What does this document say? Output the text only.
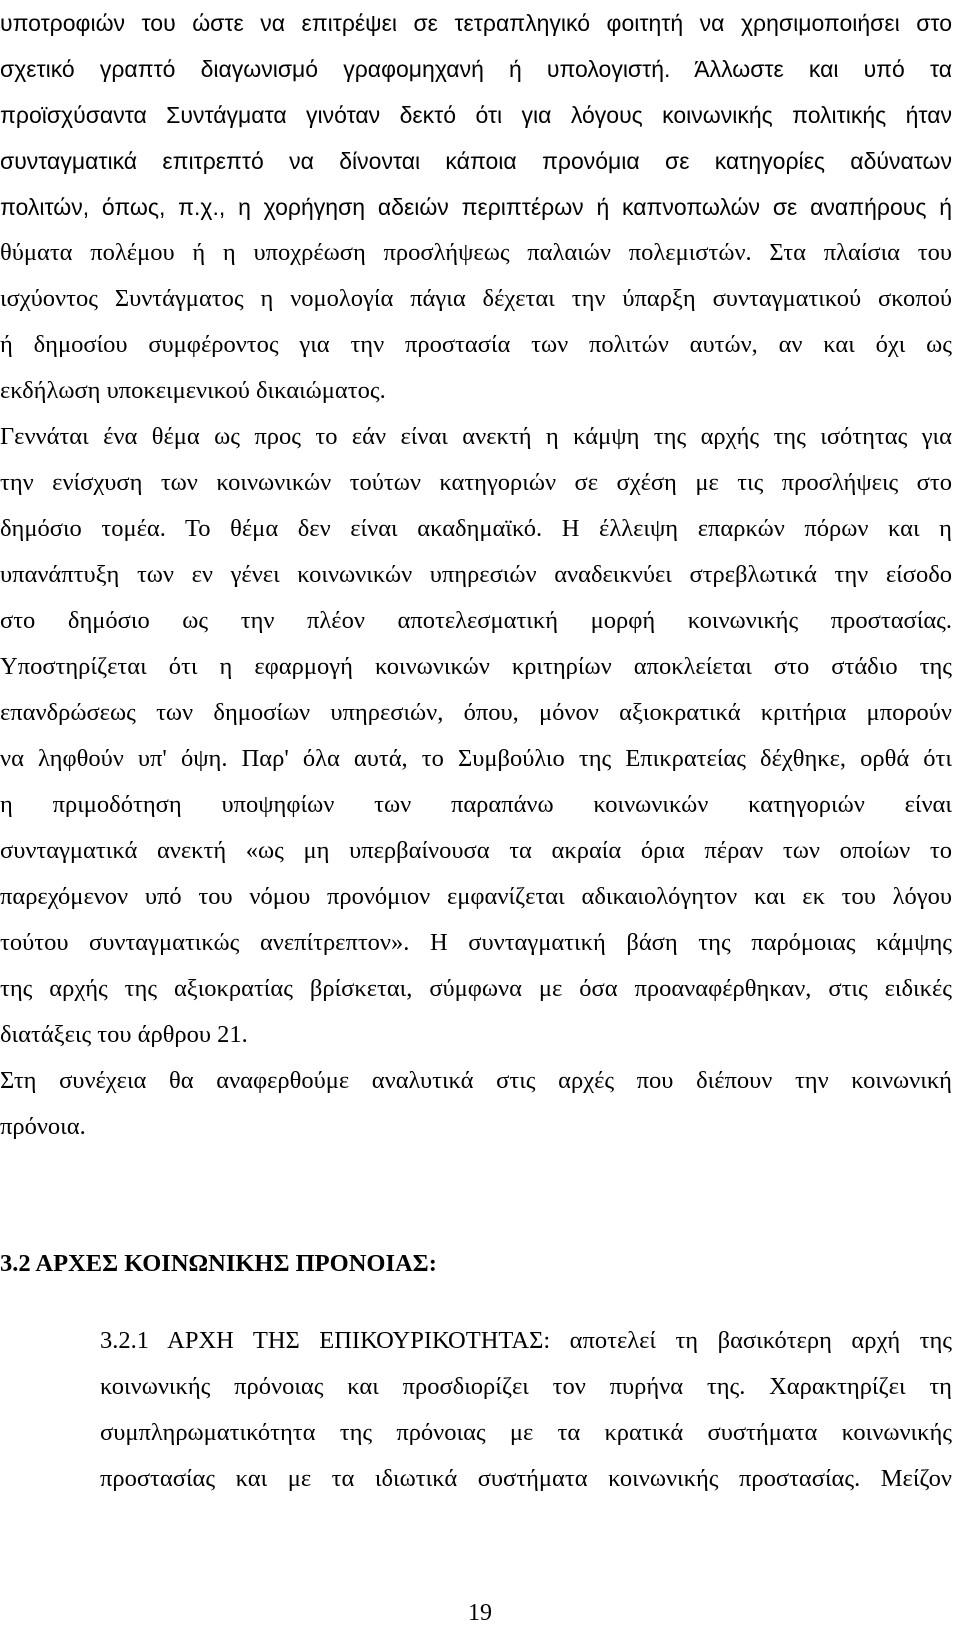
υποτροφιών του ώστε να επιτρέψει σε τετραπληγικό φοιτητή να χρησιμοποιήσει στο
σχετικό γραπτό διαγωνισμό γραφομηχανή ή υπολογιστή. Άλλωστε και υπό τα
προϊσχύσαντα Συντάγματα γινόταν δεκτό ότι για λόγους κοινωνικής πολιτικής ήταν
συνταγματικά επιτρεπτό να δίνονται κάποια προνόμια σε κατηγορίες αδύνατων
πολιτών, όπως, π.χ., η χορήγηση αδειών περιπτέρων ή καπνοπωλών σε αναπήρους ή
θύματα πολέμου ή η υποχρέωση προσλήψεως παλαιών πολεμιστών. Στα πλαίσια του
ισχύοντος Συντάγματος η νομολογία πάγια δέχεται την ύπαρξη συνταγματικού σκοπού
ή δημοσίου συμφέροντος για την προστασία των πολιτών αυτών, αν και όχι ως
εκδήλωση υποκειμενικού δικαιώματος.
Γεννάται ένα θέμα ως προς το εάν είναι ανεκτή η κάμψη της αρχής της ισότητας για
την ενίσχυση των κοινωνικών τούτων κατηγοριών σε σχέση με τις προσλήψεις στο
δημόσιο τομέα. Το θέμα δεν είναι ακαδημαϊκό. Η έλλειψη επαρκών πόρων και η
υπανάπτυξη των εν γένει κοινωνικών υπηρεσιών αναδεικνύει στρεβλωτικά την είσοδο
στο δημόσιο ως την πλέον αποτελεσματική μορφή κοινωνικής προστασίας.
Υποστηρίζεται ότι η εφαρμογή κοινωνικών κριτηρίων αποκλείεται στο στάδιο της
επανδρώσεως των δημοσίων υπηρεσιών, όπου, μόνον αξιοκρατικά κριτήρια μπορούν
να ληφθούν υπ' όψη. Παρ' όλα αυτά, το Συμβούλιο της Επικρατείας δέχθηκε, ορθά ότι
η πριμοδότηση υποψηφίων των παραπάνω κοινωνικών κατηγοριών είναι
συνταγματικά ανεκτή «ως μη υπερβαίνουσα τα ακραία όρια πέραν των οποίων το
παρεχόμενον υπό του νόμου προνόμιον εμφανίζεται αδικαιολόγητον και εκ του λόγου
τούτου συνταγματικώς ανεπίτρεπτον». Η συνταγματική βάση της παρόμοιας κάμψης
της αρχής της αξιοκρατίας βρίσκεται, σύμφωνα με όσα προαναφέρθηκαν, στις ειδικές
διατάξεις του άρθρου 21.
Στη συνέχεια θα αναφερθούμε αναλυτικά στις αρχές που διέπουν την κοινωνική
πρόνοια.
3.2 ΑΡΧΕΣ ΚΟΙΝΩΝΙΚΗΣ ΠΡΟΝΟΙΑΣ:
3.2.1 ΑΡΧΗ ΤΗΣ ΕΠΙΚΟΥΡΙΚΟΤΗΤΑΣ: αποτελεί τη βασικότερη αρχή της
κοινωνικής πρόνοιας και προσδιορίζει τον πυρήνα της. Χαρακτηρίζει τη
συμπληρωματικότητα της πρόνοιας με τα κρατικά συστήματα κοινωνικής
προστασίας και με τα ιδιωτικά συστήματα κοινωνικής προστασίας. Μείζον
19
